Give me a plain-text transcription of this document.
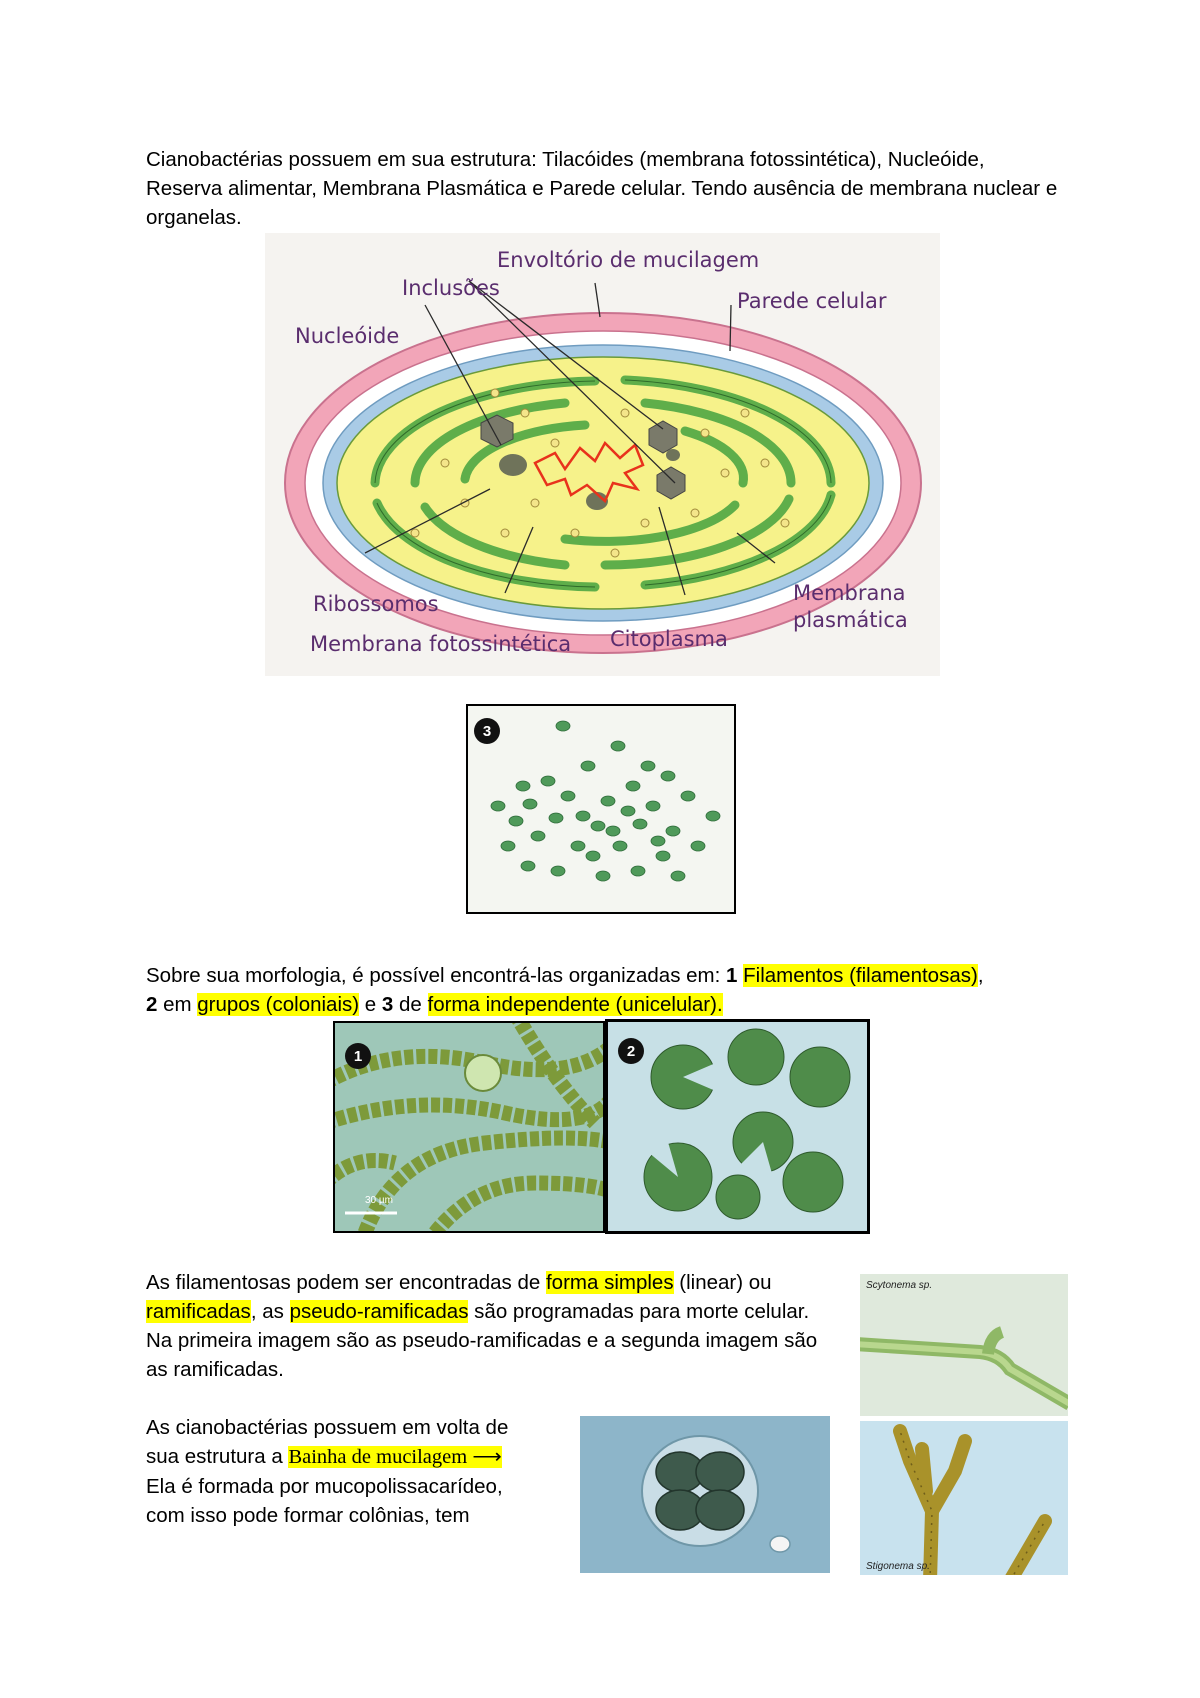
Cianobactérias possuem em sua estrutura: Tilacóides (membrana fotossintética), Nucleóide, Reserva alimentar, Membrana Plasmática e Parede celular. Tendo ausência de membrana nuclear e organelas.
Envoltório de mucilagem
Inclusões
Parede celular
Nucleóide
Ribossomos
Membrana fotossintética Citoplasma
Membrana
plasmática
3
Sobre sua morfologia, é possível encontrá-las organizadas em: 1 Filamentos (filamentosas),
2 em grupos (coloniais) e 3 de forma independente (unicelular).
1
30 µm
2
As filamentosas podem ser encontradas de forma simples (linear) ou
ramificadas, as pseudo-ramificadas são programadas para morte celular. Na primeira imagem são as pseudo-ramificadas e a segunda imagem são as ramificadas.
Scytonema sp.
As cianobactérias possuem em volta de
sua estrutura a Bainha de mucilagem ⟶
Ela é formada por mucopolissacarídeo,
com isso pode formar colônias, tem
Stigonema sp.
